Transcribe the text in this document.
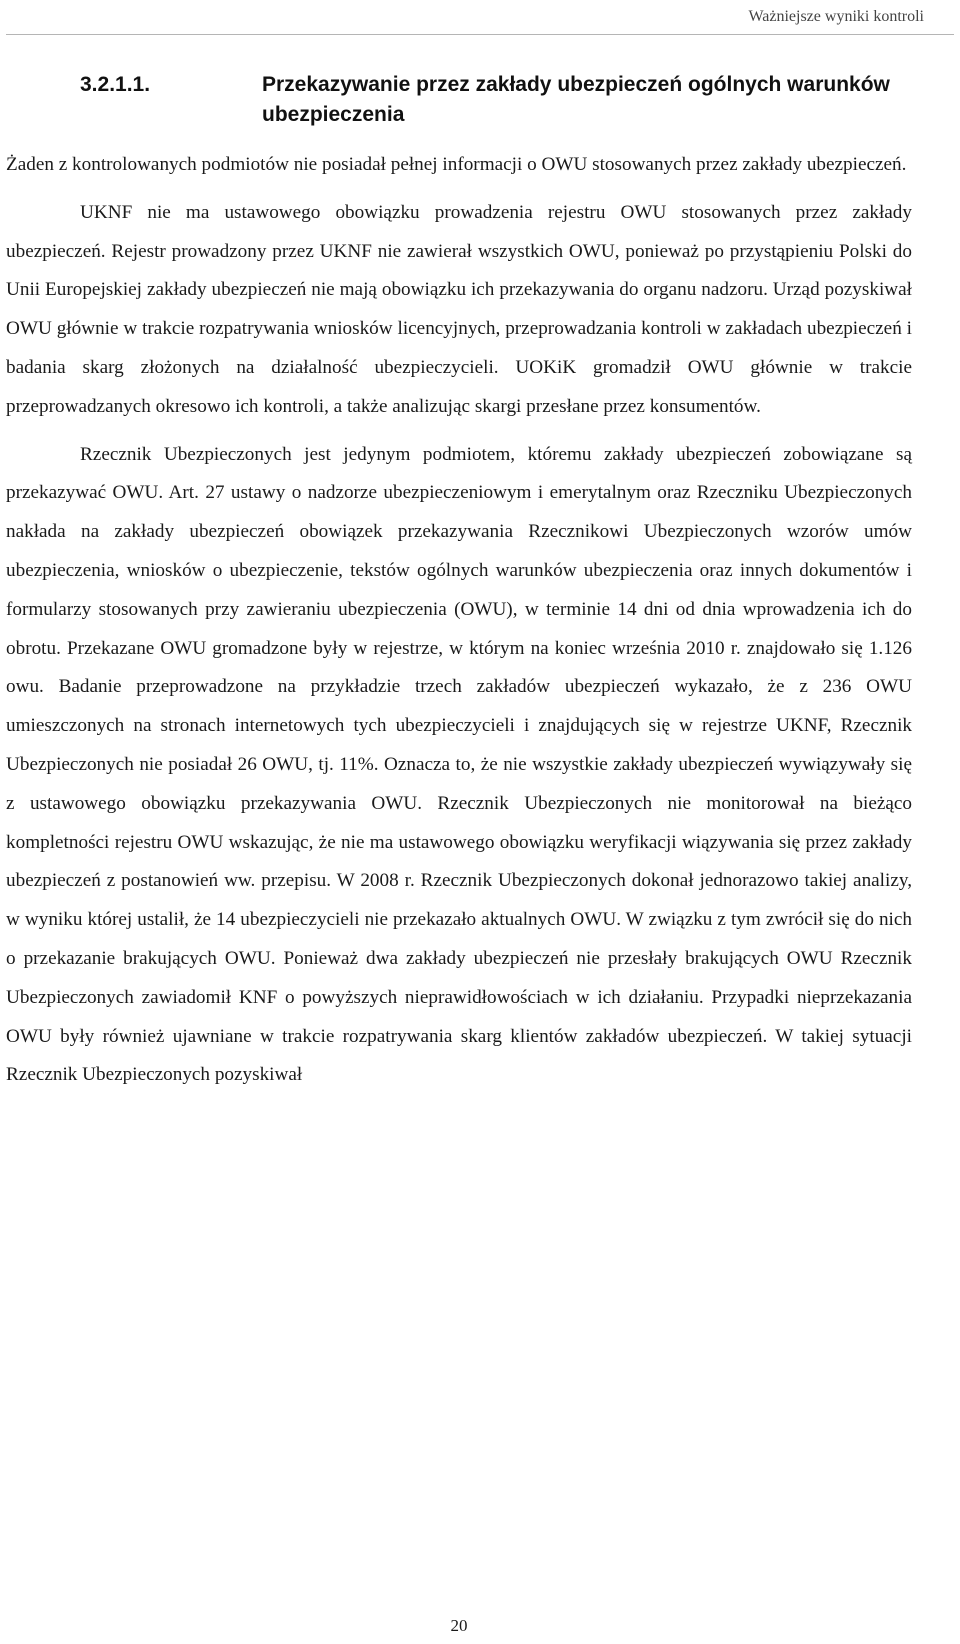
Ważniejsze wyniki kontroli
3.2.1.1.	Przekazywanie przez zakłady ubezpieczeń ogólnych warunków ubezpieczenia

Żaden z kontrolowanych podmiotów nie posiadał pełnej informacji o OWU stosowanych przez zakłady ubezpieczeń.

UKNF nie ma ustawowego obowiązku prowadzenia rejestru OWU stosowanych przez zakłady ubezpieczeń. Rejestr prowadzony przez UKNF nie zawierał wszystkich OWU, ponieważ po przystąpieniu Polski do Unii Europejskiej zakłady ubezpieczeń nie mają obowiązku ich przekazywania do organu nadzoru. Urząd pozyskiwał OWU głównie w trakcie rozpatrywania wniosków licencyjnych, przeprowadzania kontroli w zakładach ubezpieczeń i badania skarg złożonych na działalność ubezpieczycieli. UOKiK gromadził OWU głównie w trakcie przeprowadzanych okresowo ich kontroli, a także analizując skargi przesłane przez konsumentów.

Rzecznik Ubezpieczonych jest jedynym podmiotem, któremu zakłady ubezpieczeń zobowiązane są przekazywać OWU. Art. 27 ustawy o nadzorze ubezpieczeniowym i emerytalnym oraz Rzeczniku Ubezpieczonych nakłada na zakłady ubezpieczeń obowiązek przekazywania Rzecznikowi Ubezpieczonych wzorów umów ubezpieczenia, wniosków o ubezpieczenie, tekstów ogólnych warunków ubezpieczenia oraz innych dokumentów i formularzy stosowanych przy zawieraniu ubezpieczenia (OWU), w terminie 14 dni od dnia wprowadzenia ich do obrotu. Przekazane OWU gromadzone były w rejestrze, w którym na koniec września 2010 r. znajdowało się 1.126 owu. Badanie przeprowadzone na przykładzie trzech zakładów ubezpieczeń wykazało, że z 236 OWU umieszczonych na stronach internetowych tych ubezpieczycieli i znajdujących się w rejestrze UKNF, Rzecznik Ubezpieczonych nie posiadał 26 OWU, tj. 11%. Oznacza to, że nie wszystkie zakłady ubezpieczeń wywiązywały się z ustawowego obowiązku przekazywania OWU. Rzecznik Ubezpieczonych nie monitorował na bieżąco kompletności rejestru OWU wskazując, że nie ma ustawowego obowiązku weryfikacji wiązywania się przez zakłady ubezpieczeń z postanowień ww. przepisu. W 2008 r. Rzecznik Ubezpieczonych dokonał jednorazowo takiej analizy, w wyniku której ustalił, że 14 ubezpieczycieli nie przekazało aktualnych OWU. W związku z tym zwrócił się do nich o przekazanie brakujących OWU. Ponieważ dwa zakłady ubezpieczeń nie przesłały brakujących OWU Rzecznik Ubezpieczonych zawiadomił KNF o powyższych nieprawidłowościach w ich działaniu. Przypadki nieprzekazania OWU były również ujawniane w trakcie rozpatrywania skarg klientów zakładów ubezpieczeń. W takiej sytuacji Rzecznik Ubezpieczonych pozyskiwał

20
